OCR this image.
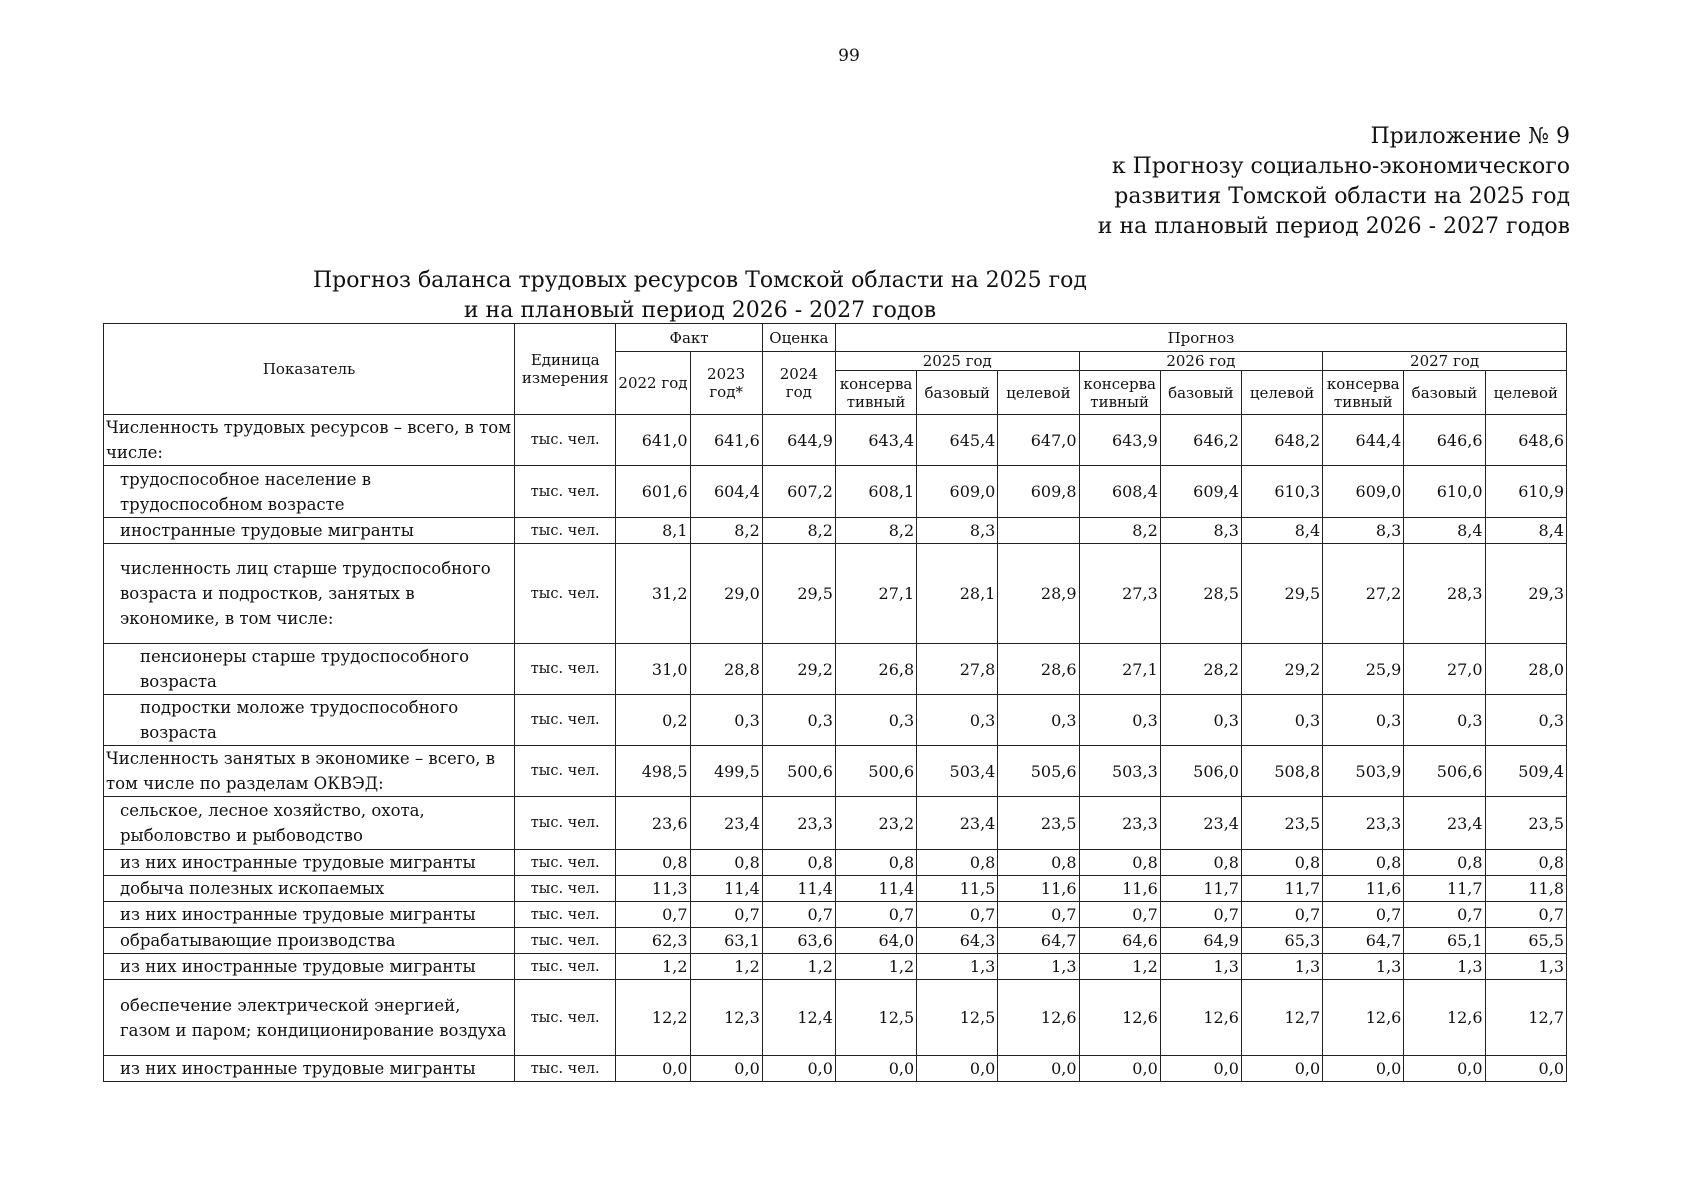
99
Приложение № 9
к Прогнозу социально-экономического
развития Томской области на 2025 год
и на плановый период 2026 - 2027 годов
Прогноз баланса трудовых ресурсов Томской области на 2025 год
и на плановый период 2026 - 2027 годов
Показатель	Единица измерения	Факт		Оценка	Прогноз								
		2022 год	2023 год*	2024 год	2025 год			2026 год			2027 год		
					консерва тивный	базовый	целевой	консерва тивный	базовый	целевой	консерва тивный	базовый	целевой
Численность трудовых ресурсов – всего, в том числе:	тыс. чел.	641,0	641,6	644,9	643,4	645,4	647,0	643,9	646,2	648,2	644,4	646,6	648,6
трудоспособное население в трудоспособном возрасте	тыс. чел.	601,6	604,4	607,2	608,1	609,0	609,8	608,4	609,4	610,3	609,0	610,0	610,9
иностранные трудовые мигранты	тыс. чел.	8,1	8,2	8,2	8,2	8,3		8,2	8,3	8,4	8,3	8,4	8,4
численность лиц старше трудоспособного возраста и подростков, занятых в экономике, в том числе:	тыс. чел.	31,2	29,0	29,5	27,1	28,1	28,9	27,3	28,5	29,5	27,2	28,3	29,3
пенсионеры старше трудоспособного возраста	тыс. чел.	31,0	28,8	29,2	26,8	27,8	28,6	27,1	28,2	29,2	25,9	27,0	28,0
подростки моложе трудоспособного возраста	тыс. чел.	0,2	0,3	0,3	0,3	0,3	0,3	0,3	0,3	0,3	0,3	0,3	0,3
Численность занятых в экономике – всего, в том числе по разделам ОКВЭД:	тыс. чел.	498,5	499,5	500,6	500,6	503,4	505,6	503,3	506,0	508,8	503,9	506,6	509,4
сельское, лесное хозяйство, охота, рыболовство и рыбоводство	тыс. чел.	23,6	23,4	23,3	23,2	23,4	23,5	23,3	23,4	23,5	23,3	23,4	23,5
из них иностранные трудовые мигранты	тыс. чел.	0,8	0,8	0,8	0,8	0,8	0,8	0,8	0,8	0,8	0,8	0,8	0,8
добыча полезных ископаемых	тыс. чел.	11,3	11,4	11,4	11,4	11,5	11,6	11,6	11,7	11,7	11,6	11,7	11,8
из них иностранные трудовые мигранты	тыс. чел.	0,7	0,7	0,7	0,7	0,7	0,7	0,7	0,7	0,7	0,7	0,7	0,7
обрабатывающие производства	тыс. чел.	62,3	63,1	63,6	64,0	64,3	64,7	64,6	64,9	65,3	64,7	65,1	65,5
из них иностранные трудовые мигранты	тыс. чел.	1,2	1,2	1,2	1,2	1,3	1,3	1,2	1,3	1,3	1,3	1,3	1,3
обеспечение электрической энергией, газом и паром; кондиционирование воздуха	тыс. чел.	12,2	12,3	12,4	12,5	12,5	12,6	12,6	12,6	12,7	12,6	12,6	12,7
из них иностранные трудовые мигранты	тыс. чел.	0,0	0,0	0,0	0,0	0,0	0,0	0,0	0,0	0,0	0,0	0,0	0,0
